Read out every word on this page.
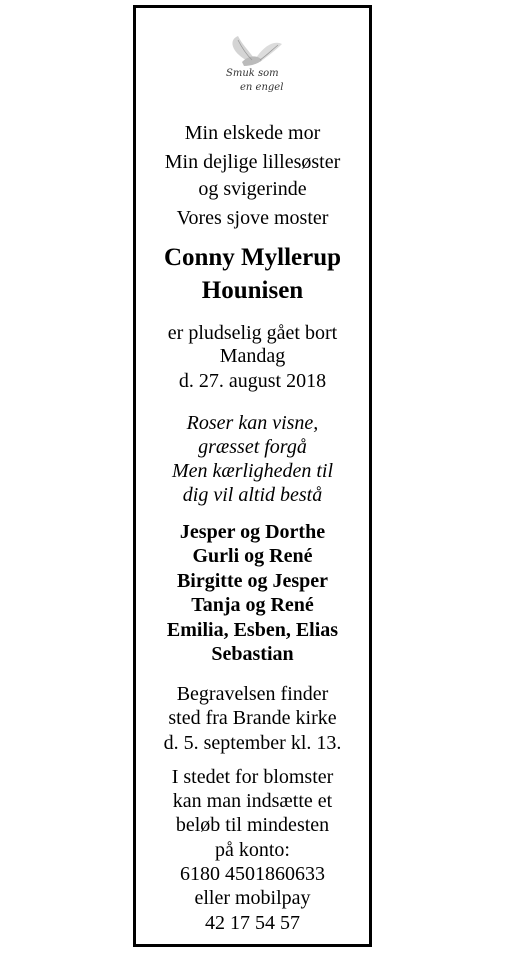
Smuk som
en engel
Min elskede mor
Min dejlige lillesøster
og svigerinde
Vores sjove moster
Conny Myllerup
Hounisen
er pludselig gået bort
Mandag
d. 27. august 2018
Roser kan visne,
græsset forgå
Men kærligheden til
dig vil altid bestå
Jesper og Dorthe
Gurli og René
Birgitte og Jesper
Tanja og René
Emilia, Esben, Elias
Sebastian
Begravelsen finder
sted fra Brande kirke
d. 5. september kl. 13.
I stedet for blomster
kan man indsætte et
beløb til mindesten
på konto:
6180 4501860633
eller mobilpay
42 17 54 57
